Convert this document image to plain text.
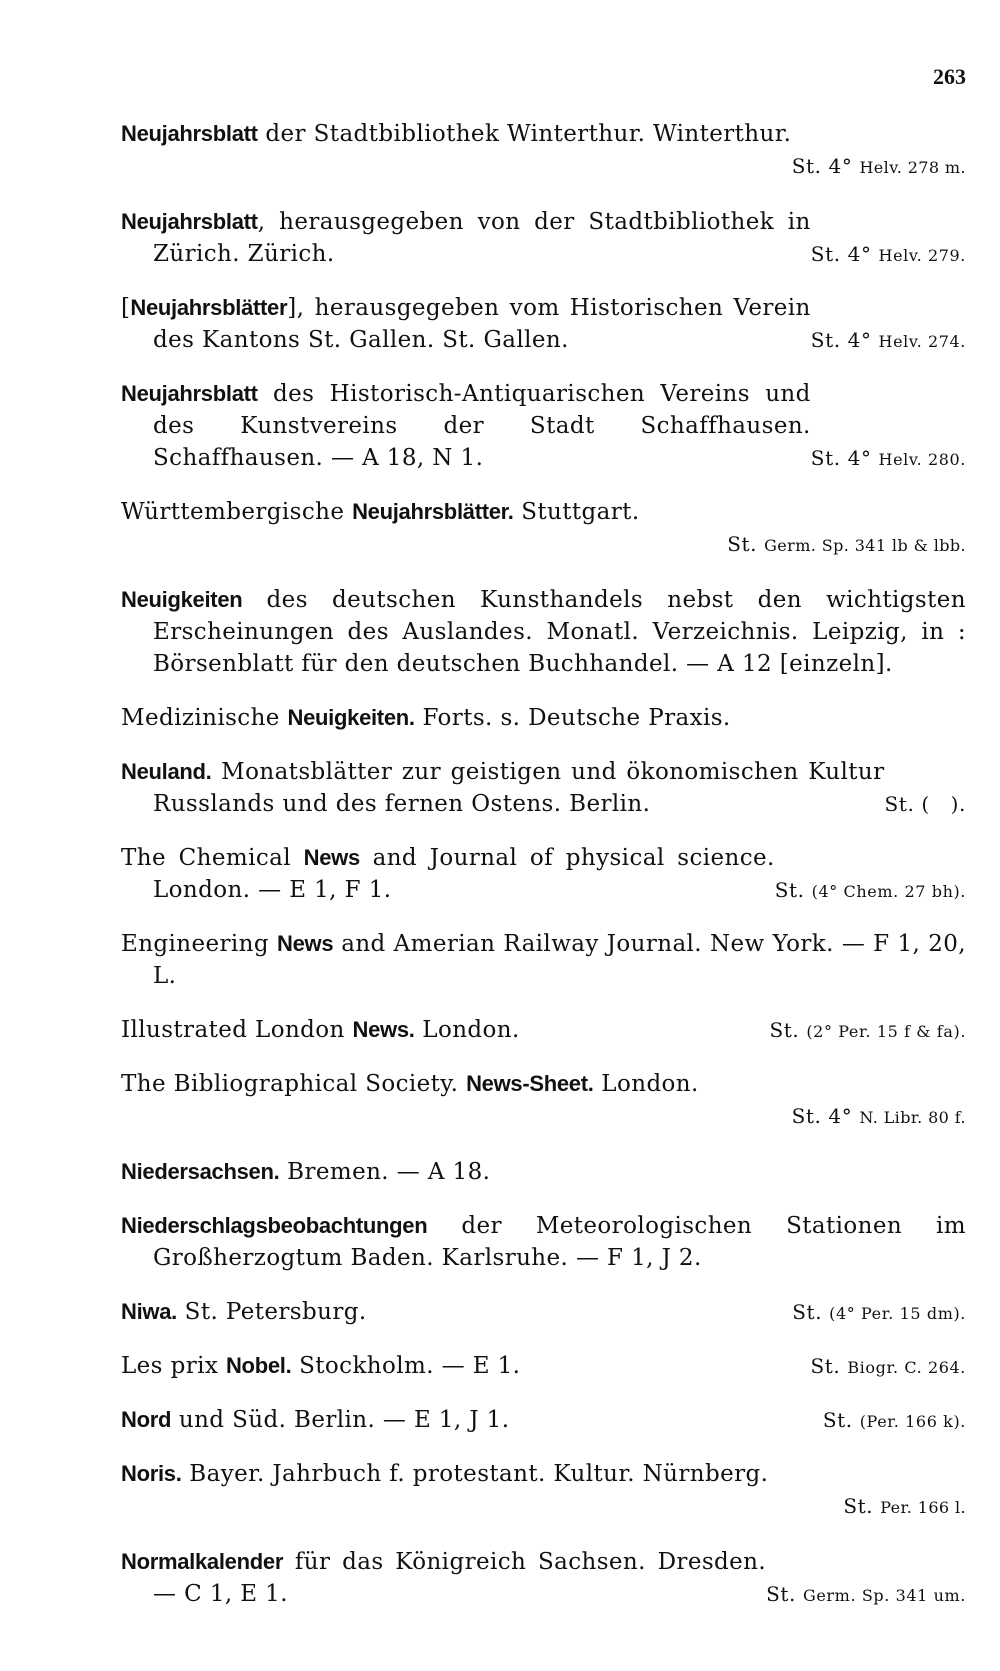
263
Neujahrsblatt der Stadtbibliothek Winterthur. Winterthur.
St. 4° Helv. 278 m.
St. 4° Helv. 279.
Neujahrsblatt, herausgegeben von der Stadtbibliothek in Zürich. Zürich.
St. 4° Helv. 274.
[Neujahrsblätter], herausgegeben vom Historischen Verein des Kantons St. Gallen. St. Gallen.
St. 4° Helv. 280.
Neujahrsblatt des Historisch-Antiquarischen Vereins und des Kunstvereins der Stadt Schaffhausen. Schaffhausen. — A 18, N 1.
Württembergische Neujahrsblätter. Stuttgart.
St. Germ. Sp. 341 lb & lbb.
Neuigkeiten des deutschen Kunsthandels nebst den wichtigsten Erscheinungen des Auslandes. Monatl. Verzeichnis. Leipzig, in : Börsenblatt für den deutschen Buchhandel. — A 12 [einzeln].
Medizinische Neuigkeiten. Forts. s. Deutsche Praxis.
St. (   ).
Neuland. Monatsblätter zur geistigen und ökonomischen Kultur Russlands und des fernen Ostens. Berlin.
St. (4° Chem. 27 bh).
The Chemical News and Journal of physical science. London. — E 1, F 1.
Engineering News and Amerian Railway Journal. New York. — F 1, 20, L.
St. (2° Per. 15 f & fa).
Illustrated London News. London.
The Bibliographical Society. News-Sheet. London.
St. 4° N. Libr. 80 f.
Niedersachsen. Bremen. — A 18.
Niederschlagsbeobachtungen der Meteorologischen Stationen im Großherzogtum Baden. Karlsruhe. — F 1, J 2.
St. (4° Per. 15 dm).
Niwa. St. Petersburg.
St. Biogr. C. 264.
Les prix Nobel. Stockholm. — E 1.
St. (Per. 166 k).
Nord und Süd. Berlin. — E 1, J 1.
Noris. Bayer. Jahrbuch f. protestant. Kultur. Nürnberg.
St. Per. 166 l.
St. Germ. Sp. 341 um.
Normalkalender für das Königreich Sachsen. Dresden. — C 1, E 1.
